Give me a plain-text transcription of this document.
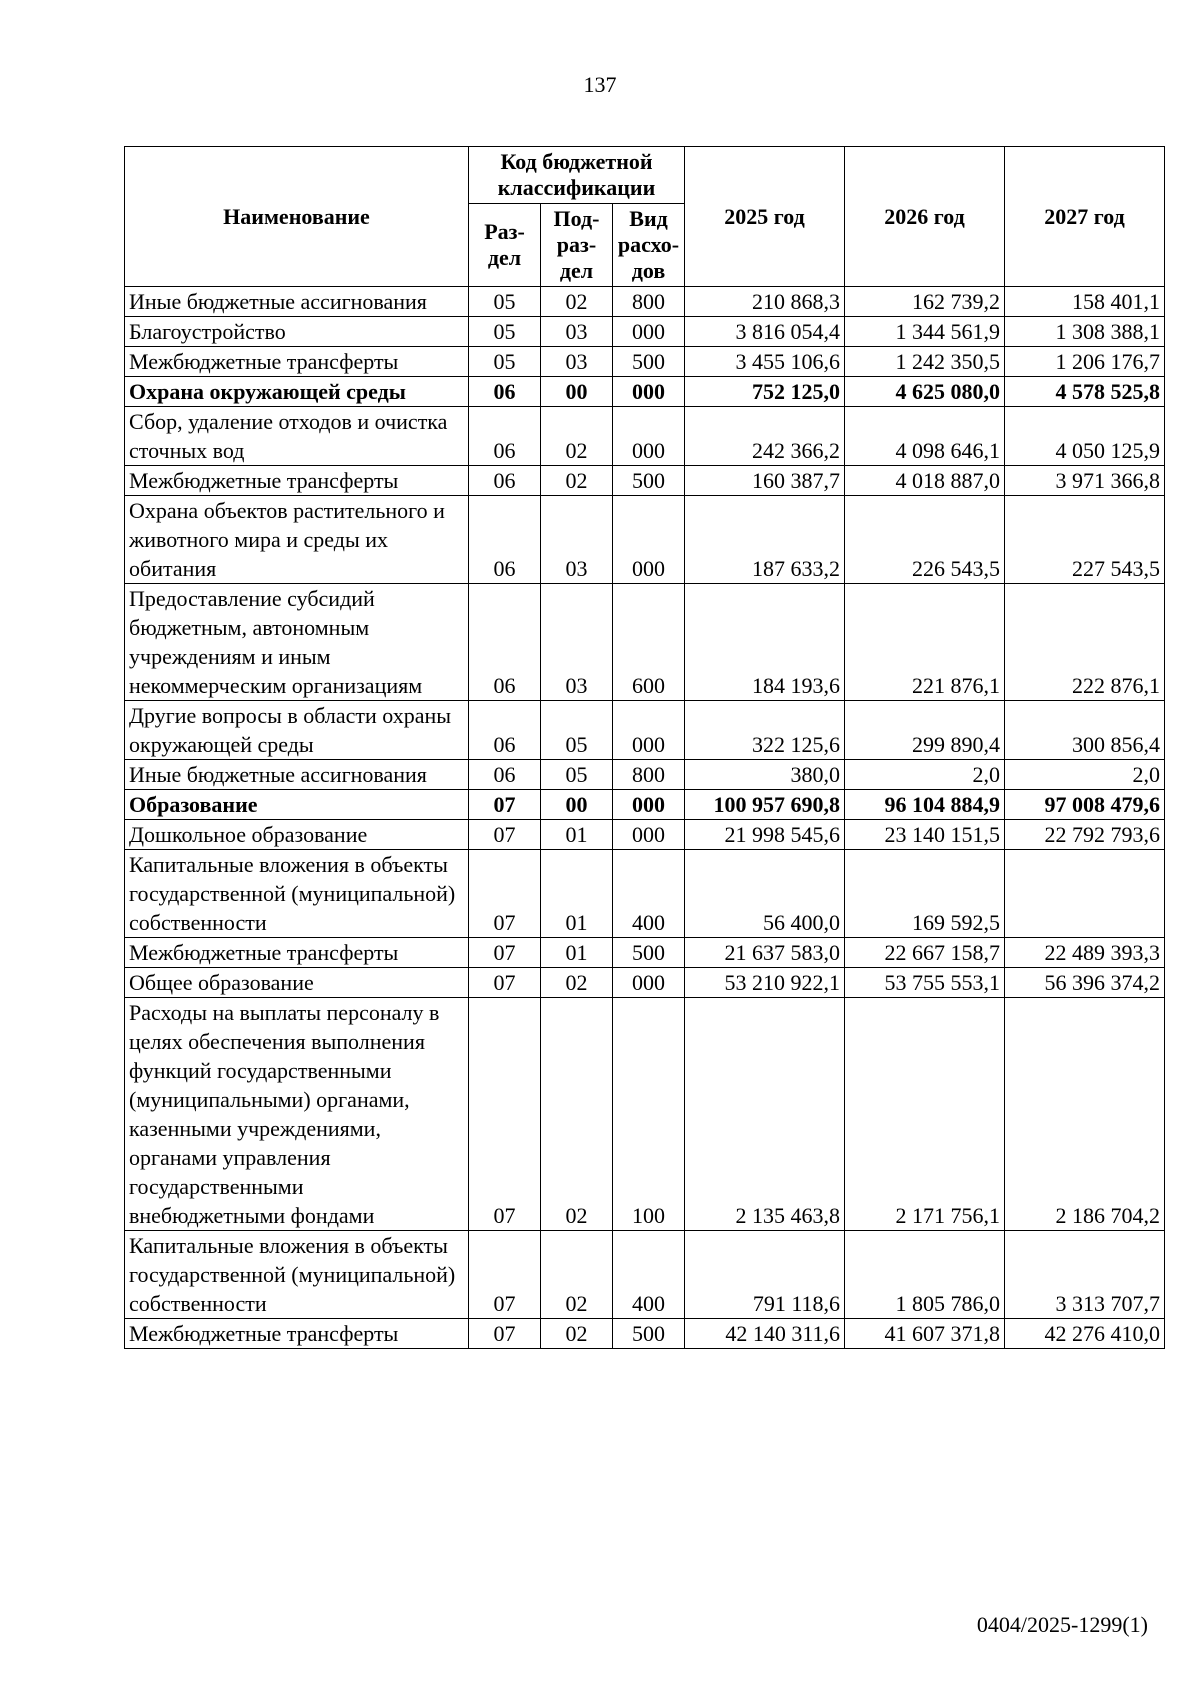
137
Наименование	Код бюджетной классификации			2025 год	2026 год	2027 год
	Раз- дел	Под- раз- дел	Вид расхо- дов			
Иные бюджетные ассигнования	05	02	800	210 868,3	162 739,2	158 401,1
Благоустройство	05	03	000	3 816 054,4	1 344 561,9	1 308 388,1
Межбюджетные трансферты	05	03	500	3 455 106,6	1 242 350,5	1 206 176,7
Охрана окружающей среды	06	00	000	752 125,0	4 625 080,0	4 578 525,8
Сбор, удаление отходов и очистка сточных вод	06	02	000	242 366,2	4 098 646,1	4 050 125,9
Межбюджетные трансферты	06	02	500	160 387,7	4 018 887,0	3 971 366,8
Охрана объектов растительного и животного мира и среды их обитания	06	03	000	187 633,2	226 543,5	227 543,5
Предоставление субсидий бюджетным, автономным учреждениям и иным некоммерческим организациям	06	03	600	184 193,6	221 876,1	222 876,1
Другие вопросы в области охраны окружающей среды	06	05	000	322 125,6	299 890,4	300 856,4
Иные бюджетные ассигнования	06	05	800	380,0	2,0	2,0
Образование	07	00	000	100 957 690,8	96 104 884,9	97 008 479,6
Дошкольное образование	07	01	000	21 998 545,6	23 140 151,5	22 792 793,6
Капитальные вложения в объекты государственной (муниципальной) собственности	07	01	400	56 400,0	169 592,5	
Межбюджетные трансферты	07	01	500	21 637 583,0	22 667 158,7	22 489 393,3
Общее образование	07	02	000	53 210 922,1	53 755 553,1	56 396 374,2
Расходы на выплаты персоналу в целях обеспечения выполнения функций государственными (муниципальными) органами, казенными учреждениями, органами управления государственными внебюджетными фондами	07	02	100	2 135 463,8	2 171 756,1	2 186 704,2
Капитальные вложения в объекты государственной (муниципальной) собственности	07	02	400	791 118,6	1 805 786,0	3 313 707,7
Межбюджетные трансферты	07	02	500	42 140 311,6	41 607 371,8	42 276 410,0
0404/2025-1299(1)
